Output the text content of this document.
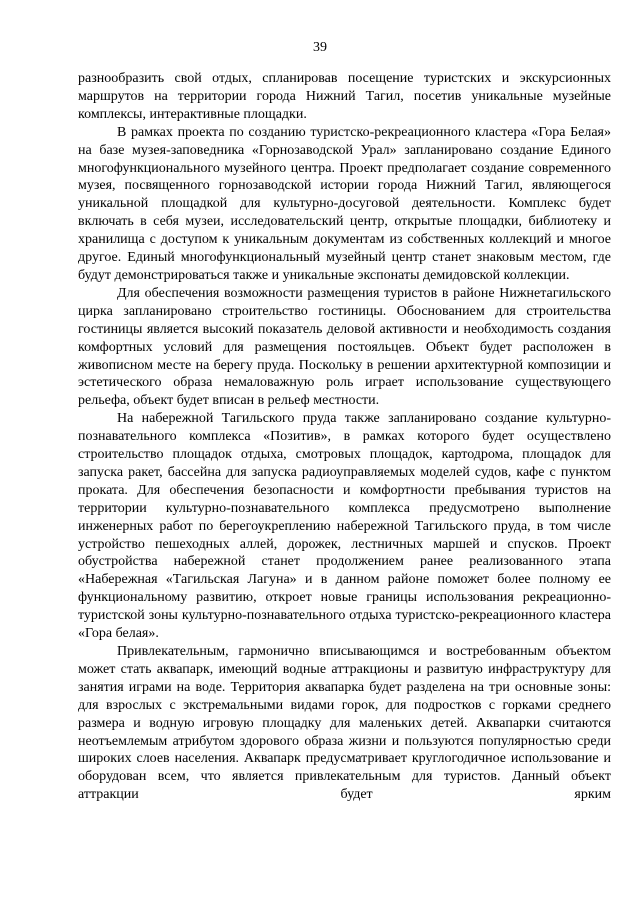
39

разнообразить свой отдых, спланировав посещение туристских и экскурсионных маршрутов на территории города Нижний Тагил, посетив уникальные музейные комплексы, интерактивные площадки.

В рамках проекта по созданию туристско-рекреационного кластера «Гора Белая» на базе музея-заповедника «Горнозаводской Урал» запланировано создание Единого многофункционального музейного центра. Проект предполагает создание современного музея, посвященного горнозаводской истории города Нижний Тагил, являющегося уникальной площадкой для культурно-досуговой деятельности. Комплекс будет включать в себя музеи, исследовательский центр, открытые площадки, библиотеку и хранилища с доступом к уникальным документам из собственных коллекций и многое другое. Единый многофункциональный музейный центр станет знаковым местом, где будут демонстрироваться также и уникальные экспонаты демидовской коллекции.

Для обеспечения возможности размещения туристов в районе Нижнетагильского цирка запланировано строительство гостиницы. Обоснованием для строительства гостиницы является высокий показатель деловой активности и необходимость создания комфортных условий для размещения постояльцев. Объект будет расположен в живописном месте на берегу пруда. Поскольку в решении архитектурной композиции и эстетического образа немаловажную роль играет использование существующего рельефа, объект будет вписан в рельеф местности.

На набережной Тагильского пруда также запланировано создание культурно-познавательного комплекса «Позитив», в рамках которого будет осуществлено строительство площадок отдыха, смотровых площадок, картодрома, площадок для запуска ракет, бассейна для запуска радиоуправляемых моделей судов, кафе с пунктом проката. Для обеспечения безопасности и комфортности пребывания туристов на территории культурно-познавательного комплекса предусмотрено выполнение инженерных работ по берегоукреплению набережной Тагильского пруда, в том числе устройство пешеходных аллей, дорожек, лестничных маршей и спусков. Проект обустройства набережной станет продолжением ранее реализованного этапа «Набережная «Тагильская Лагуна» и в данном районе поможет более полному ее функциональному развитию, откроет новые границы использования рекреационно-туристской зоны культурно-познавательного отдыха туристско-рекреационного кластера «Гора белая».

Привлекательным, гармонично вписывающимся и востребованным объектом может стать аквапарк, имеющий водные аттракционы и развитую инфраструктуру для занятия играми на воде. Территория аквапарка будет разделена на три основные зоны: для взрослых с экстремальными видами горок, для подростков с горками среднего размера и водную игровую площадку для маленьких детей. Аквапарки считаются неотъемлемым атрибутом здорового образа жизни и пользуются популярностью среди широких слоев населения. Аквапарк предусматривает круглогодичное использование и оборудован всем, что является привлекательным для туристов. Данный объект аттракции будет ярким
